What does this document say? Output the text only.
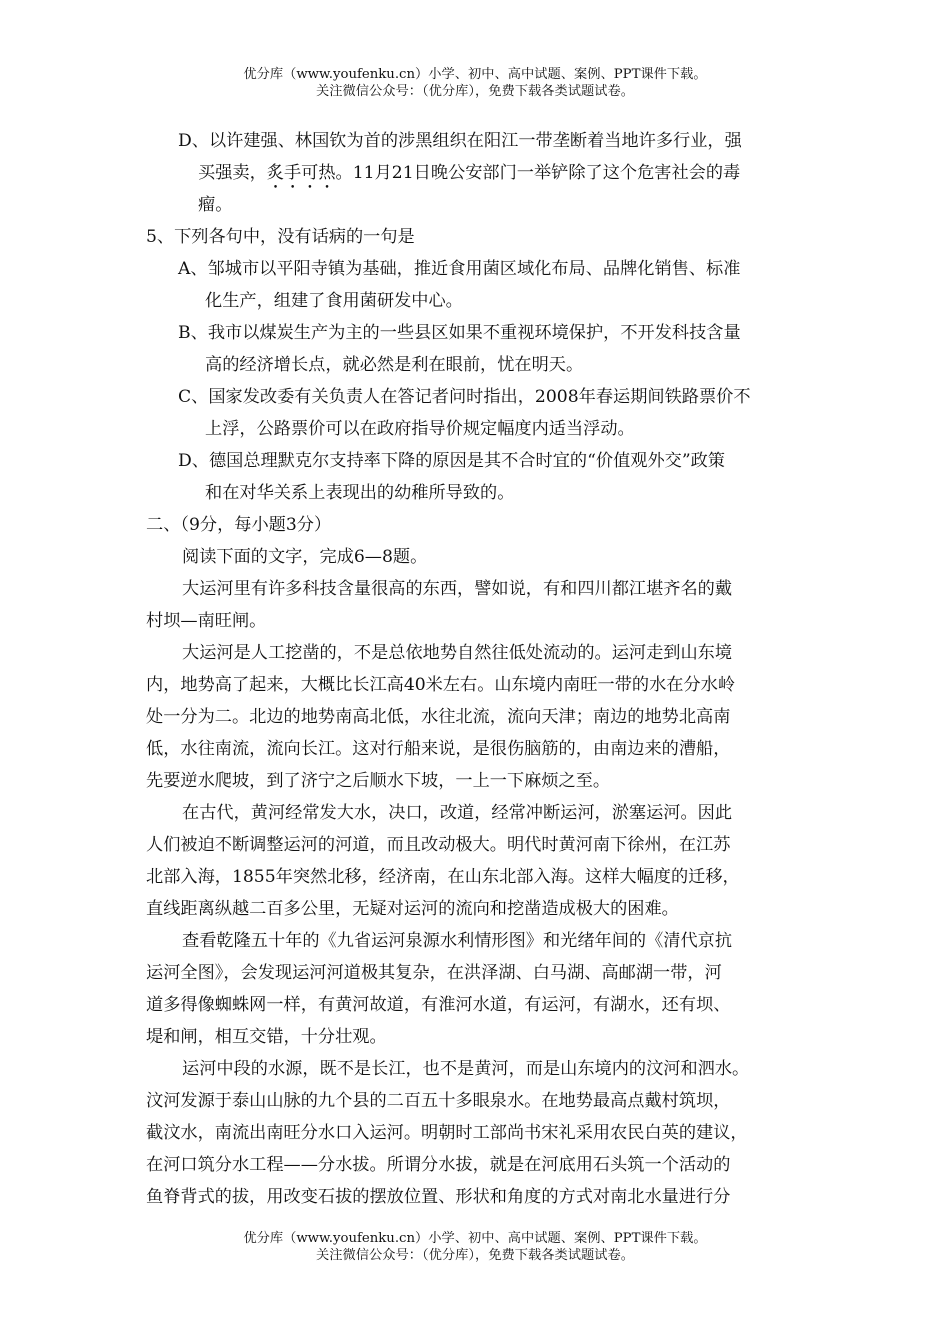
优分库（www.youfenku.cn）小学、初中、高中试题、案例、PPT课件下载。
关注微信公众号：（优分库），免费下载各类试题试卷。
D、以许建强、林国钦为首的涉黑组织在阳江一带垄断着当地许多行业，强
买强卖，炙手可热。11月21日晚公安部门一举铲除了这个危害社会的毒
瘤。
5、下列各句中，没有话病的一句是
A、邹城市以平阳寺镇为基础，推近食用菌区域化布局、品牌化销售、标准
化生产，组建了食用菌研发中心。
B、我市以煤炭生产为主的一些县区如果不重视环境保护，不开发科技含量
高的经济增长点，就必然是利在眼前，忧在明天。
C、国家发改委有关负责人在答记者问时指出，2008年春运期间铁路票价不
上浮，公路票价可以在政府指导价规定幅度内适当浮动。
D、德国总理默克尔支持率下降的原因是其不合时宜的“价值观外交”政策
和在对华关系上表现出的幼稚所导致的。
二、（9分，每小题3分）
阅读下面的文字，完成6—8题。
大运河里有许多科技含量很高的东西，譬如说，有和四川都江堪齐名的戴
村坝—南旺闸。
大运河是人工挖凿的，不是总依地势自然往低处流动的。运河走到山东境
内，地势高了起来，大概比长江高40米左右。山东境内南旺一带的水在分水岭
处一分为二。北边的地势南高北低，水往北流，流向天津；南边的地势北高南
低，水往南流，流向长江。这对行船来说，是很伤脑筋的，由南边来的漕船，
先要逆水爬坡，到了济宁之后顺水下坡，一上一下麻烦之至。
在古代，黄河经常发大水，决口，改道，经常冲断运河，淤塞运河。因此
人们被迫不断调整运河的河道，而且改动极大。明代时黄河南下徐州，在江苏
北部入海，1855年突然北移，经济南，在山东北部入海。这样大幅度的迁移，
直线距离纵越二百多公里，无疑对运河的流向和挖凿造成极大的困难。
查看乾隆五十年的《九省运河泉源水利情形图》和光绪年间的《清代京抗
运河全图》，会发现运河河道极其复杂，在洪泽湖、白马湖、高邮湖一带，河
道多得像蜘蛛网一样，有黄河故道，有淮河水道，有运河，有湖水，还有坝、
堤和闸，相互交错，十分壮观。
运河中段的水源，既不是长江，也不是黄河，而是山东境内的汶河和泗水。
汶河发源于泰山山脉的九个县的二百五十多眼泉水。在地势最高点戴村筑坝，
截汶水，南流出南旺分水口入运河。明朝时工部尚书宋礼采用农民白英的建议，
在河口筑分水工程——分水拔。所谓分水拔，就是在河底用石头筑一个活动的
鱼脊背式的拔，用改变石拔的摆放位置、形状和角度的方式对南北水量进行分
优分库（www.youfenku.cn）小学、初中、高中试题、案例、PPT课件下载。
关注微信公众号：（优分库），免费下载各类试题试卷。
